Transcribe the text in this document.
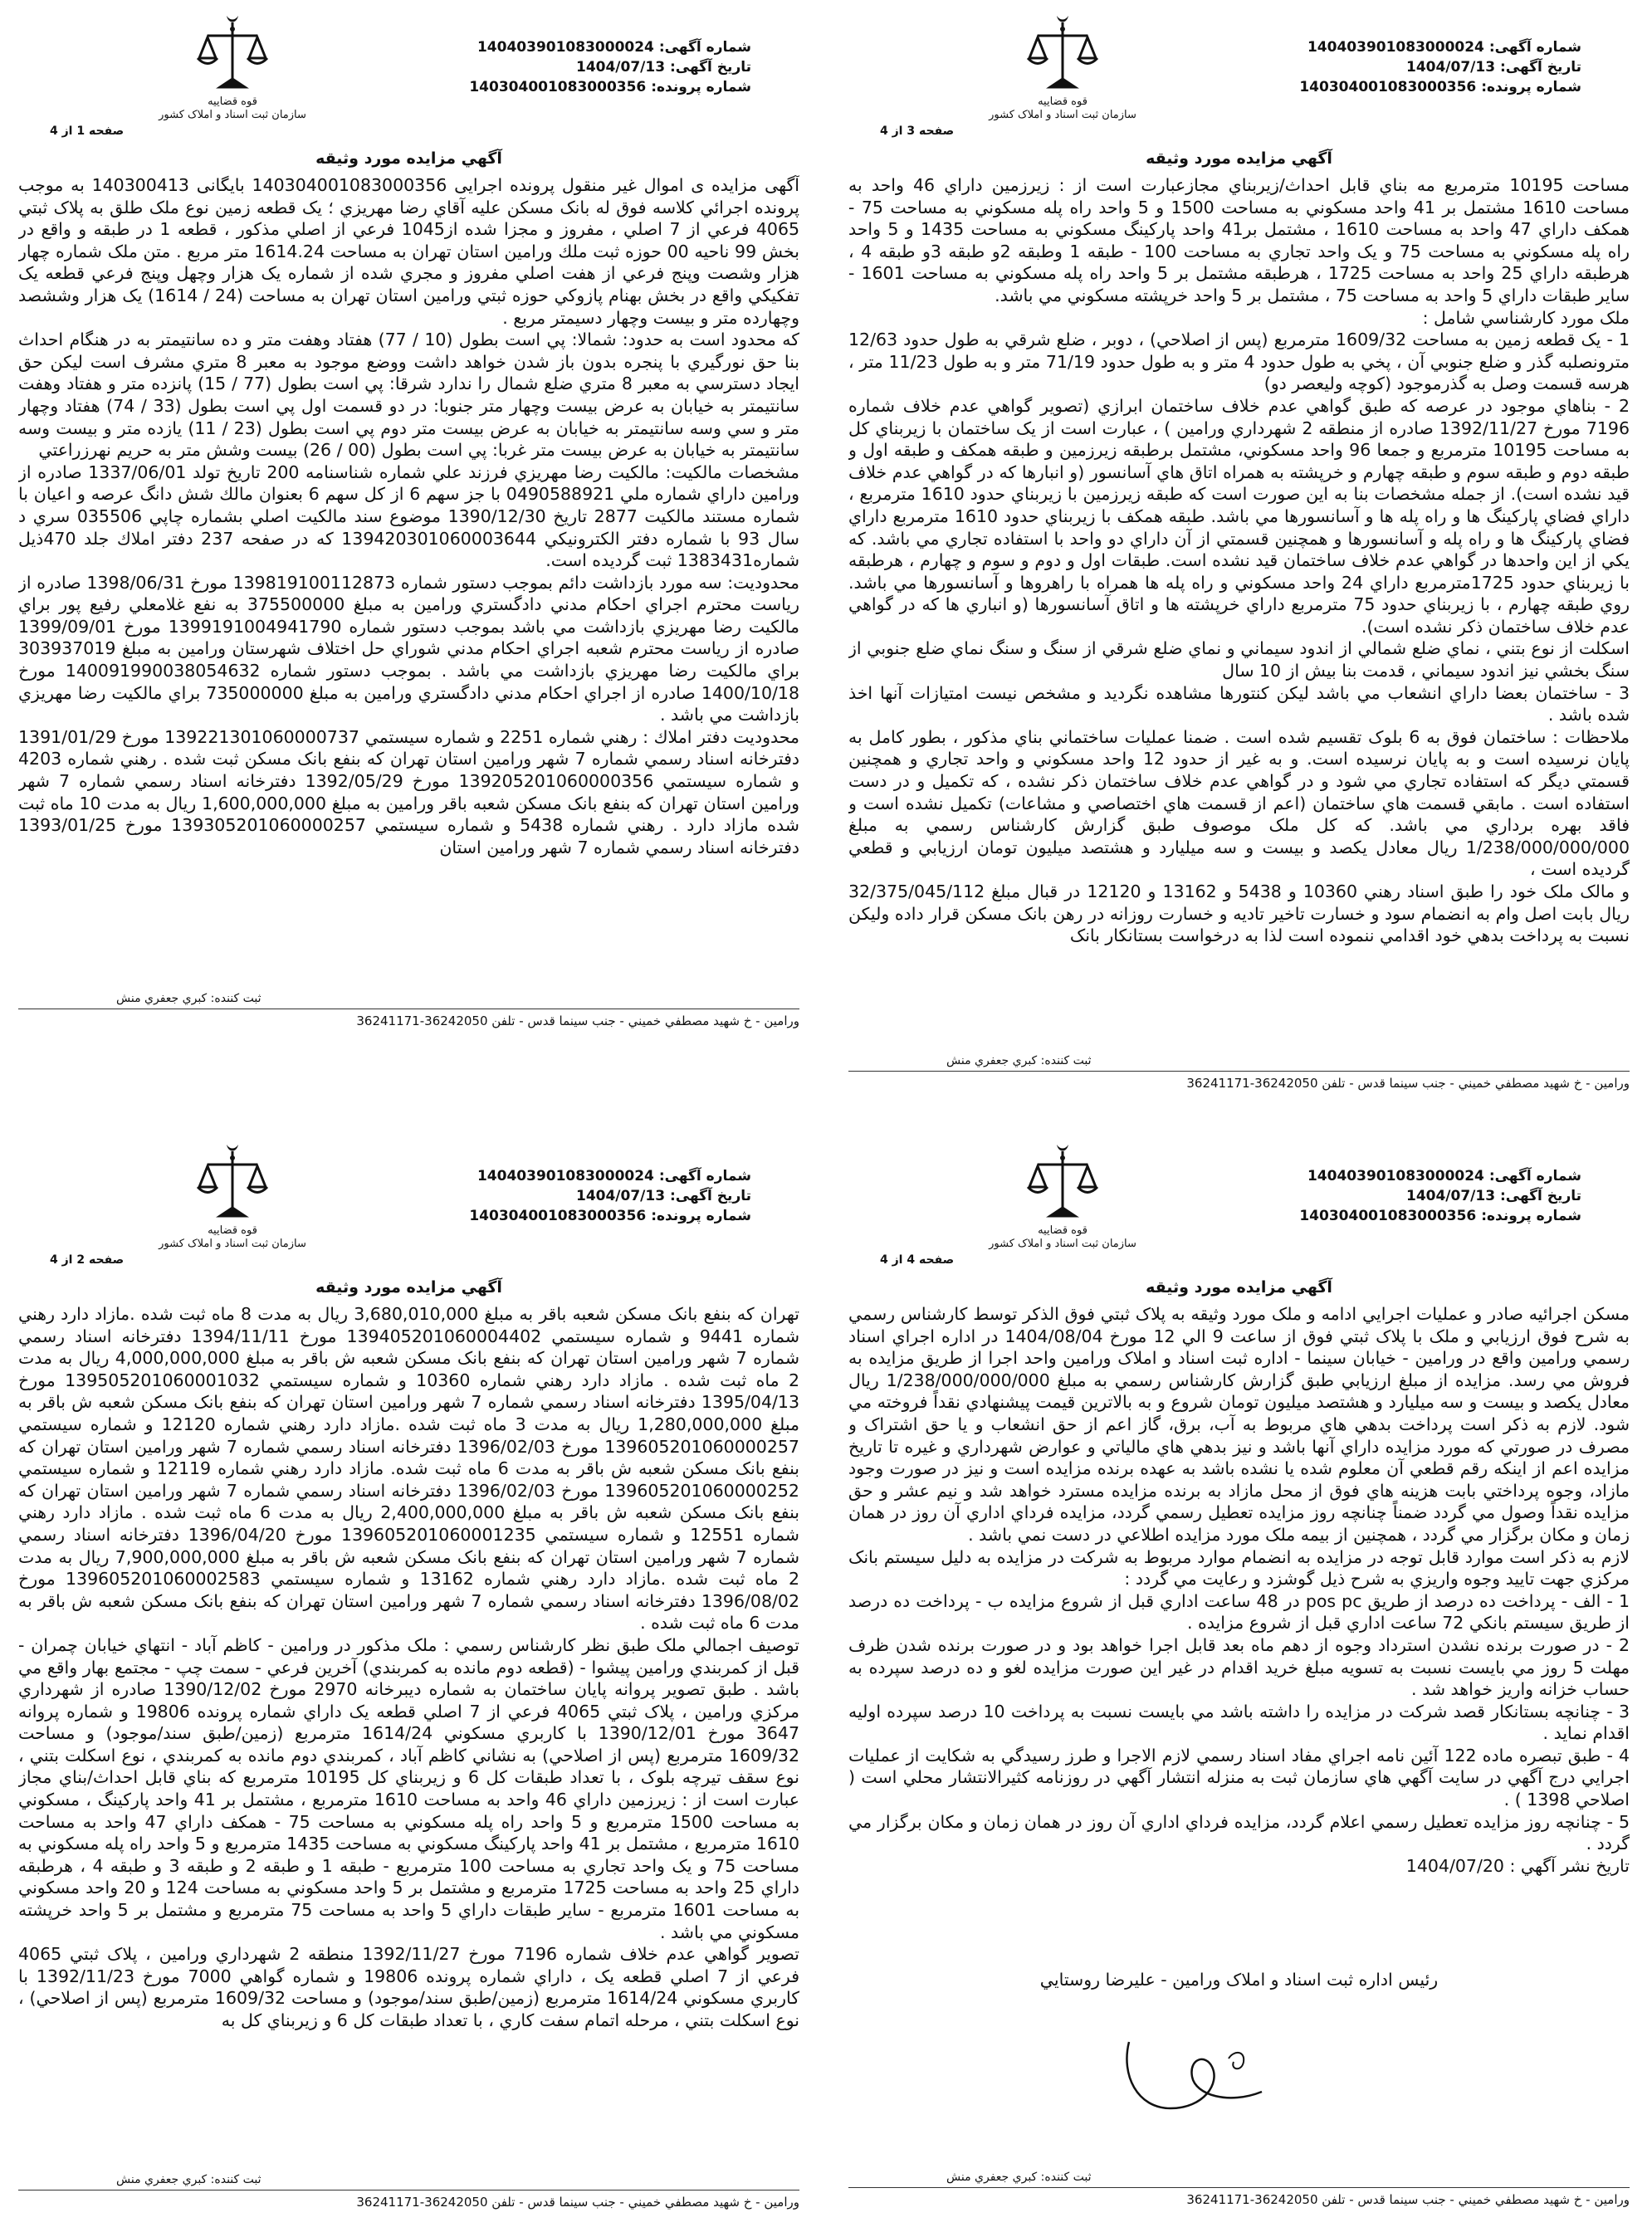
شماره آگهی: 140403901083000024
تاریخ آگهی: 1404/07/13
شماره پرونده: 140304001083000356
قوه قضاییه
سازمان ثبت اسناد و املاک کشور
صفحه 1 از 4
آگهي مزايده مورد وثيقه

آگهی مزایده ی اموال غیر منقول پرونده اجرایی 140304001083000356 بایگانی 140300413 به موجب پرونده اجرائي کلاسه فوق له بانک مسکن عليه آقاي رضا مهريزي ؛ يک قطعه زمين نوع ملک طلق به پلاک ثبتي 4065 فرعي از 7 اصلي ، مفروز و مجزا شده از1045 فرعي از اصلي مذکور ، قطعه 1 در طبقه و واقع در بخش 99 ناحيه 00 حوزه ثبت ملك ورامين استان تهران به مساحت 1614.24 متر مربع . متن ملک شماره چهار هزار وشصت وپنج فرعي از هفت اصلي مفروز و مجري شده از شماره يک هزار وچهل وپنج فرعي قطعه يک تفکيکي واقع در بخش بهنام پازوکي حوزه ثبتي ورامين استان تهران به مساحت (24 / 1614) يک هزار وششصد وچهارده متر و بيست وچهار دسيمتر مربع .

كه محدود است به حدود: شمالا: پي است بطول (10 / 77) هفتاد وهفت متر و ده سانتيمتر به در هنگام احداث بنا حق نورگيري با پنجره بدون باز شدن خواهد داشت ووضع موجود به معبر 8 متري مشرف است ليكن حق ايجاد دسترسي به معبر 8 متري ضلع شمال را ندارد شرقا: پي است بطول (77 / 15) پانزده متر و هفتاد وهفت سانتيمتر به خيابان به عرض بيست وچهار متر جنوبا: در دو قسمت اول پي است بطول (33 / 74) هفتاد وچهار متر و سي وسه سانتيمتر به خيابان به عرض بيست متر دوم پي است بطول (23 / 11) يازده متر و بيست وسه سانتيمتر به خيابان به عرض بيست متر غربا: پي است بطول (00 / 26) بيست وشش متر به حريم نهرزراعتي

مشخصات مالکيت: مالكيت رضا مهريزي فرزند علي شماره شناسنامه 200 تاريخ تولد 1337/06/01 صادره از ورامين داراي شماره ملي 0490588921 با جز سهم 6 از كل سهم 6 بعنوان مالك شش دانگ عرصه و اعيان با شماره مستند مالكيت 2877 تاريخ 1390/12/30 موضوع سند مالكيت اصلي بشماره چاپي 035506 سري د سال 93 با شماره دفتر الكترونيكي 139420301060003644 كه در صفحه 237 دفتر املاك جلد 470ذيل شماره1383431 ثبت گرديده است.

محدوديت: سه مورد بازداشت دائم بموجب دستور شماره 139819100112873 مورخ 1398/06/31 صادره از رياست محترم اجراي احكام مدني دادگستري ورامين به مبلغ 375500000 به نفع غلامعلي رفيع پور براي مالكيت رضا مهريزي بازداشت مي باشد بموجب دستور شماره 1399191004941790 مورخ 1399/09/01 صادره از رياست محترم شعبه اجراي احكام مدني شوراي حل اختلاف شهرستان ورامين به مبلغ 303937019 براي مالكيت رضا مهريزي بازداشت مي باشد . بموجب دستور شماره 140091990038054632 مورخ 1400/10/18 صادره از اجراي احكام مدني دادگستري ورامين به مبلغ 735000000 براي مالكيت رضا مهريزي بازداشت مي باشد .

محدوديت دفتر املاك : رهني شماره 2251 و شماره سيستمي 139221301060000737 مورخ 1391/01/29 دفترخانه اسناد رسمي شماره 7 شهر ورامين استان تهران که بنفع بانک مسکن ثبت شده . رهني شماره 4203 و شماره سيستمي 139205201060000356 مورخ 1392/05/29 دفترخانه اسناد رسمي شماره 7 شهر ورامين استان تهران که بنفع بانک مسکن شعبه باقر ورامين به مبلغ 1,600,000,000 ريال به مدت 10 ماه ثبت شده مازاد دارد . رهني شماره 5438 و شماره سيستمي 139305201060000257 مورخ 1393/01/25 دفترخانه اسناد رسمي شماره 7 شهر ورامين استان

ثبت کننده: کبري جعفري منش
ورامين - خ شهيد مصطفي خميني - جنب سينما قدس - تلفن 36242050-36241171
شماره آگهی: 140403901083000024
تاریخ آگهی: 1404/07/13
شماره پرونده: 140304001083000356
قوه قضاییه
سازمان ثبت اسناد و املاک کشور
صفحه 3 از 4
آگهي مزايده مورد وثيقه

مساحت 10195 مترمربع مه بناي قابل احداث/زيربناي مجازعبارت است از : زيرزمين داراي 46 واحد به مساحت 1610 مشتمل بر 41 واحد مسکوني به مساحت 1500 و 5 واحد راه پله مسکوني به مساحت 75 - همکف داراي 47 واحد به مساحت 1610 ، مشتمل بر41 واحد پارکينگ مسکوني به مساحت 1435 و 5 واحد راه پله مسکوني به مساحت 75 و يک واحد تجاري به مساحت 100 - طبقه 1 وطبقه 2و طبقه 3و طبقه 4 ، هرطبقه داراي 25 واحد به مساحت 1725 ، هرطبقه مشتمل بر 5 واحد راه پله مسکوني به مساحت 1601 - ساير طبقات داراي 5 واحد به مساحت 75 ، مشتمل بر 5 واحد خرپشته مسکوني مي باشد.

ملک مورد کارشناسي شامل :

1 - يک قطعه زمين به مساحت 1609/32 مترمربع (پس از اصلاحي) ، دوبر ، ضلع شرقي به طول حدود 12/63 مترونصلبه گذر و ضلع جنوبي آن ، پخي به طول حدود 4 متر و به طول حدود 71/19 متر و به طول 11/23 متر ، هرسه قسمت وصل به گذرموجود (کوچه وليعصر دو)

2 - بناهاي موجود در عرصه که طبق گواهي عدم خلاف ساختمان ابرازي (تصوير گواهي عدم خلاف شماره 7196 مورخ 1392/11/27 صادره از منطقه 2 شهرداري ورامين ) ، عبارت است از يک ساختمان با زيربناي کل به مساحت 10195 مترمربع و جمعا 96 واحد مسکوني، مشتمل برطبقه زيرزمين و طبقه همکف و طبقه اول و طبقه دوم و طبقه سوم و طبقه چهارم و خرپشته به همراه اتاق هاي آسانسور (و انبارها که در گواهي عدم خلاف قيد نشده است). از جمله مشخصات بنا به اين صورت است که طبقه زيرزمين با زيربناي حدود 1610 مترمربع ، داراي فضاي پارکينگ ها و راه پله ها و آسانسورها مي باشد. طبقه همکف با زيربناي حدود 1610 مترمربع داراي فضاي پارکينگ ها و راه پله و آسانسورها و همچنين قسمتي از آن داراي دو واحد با استفاده تجاري مي باشد. که يکي از اين واحدها در گواهي عدم خلاف ساختمان قيد نشده است. طبقات اول و دوم و سوم و چهارم ، هرطبقه با زيربناي حدود 1725مترمربع داراي 24 واحد مسکوني و راه پله ها همراه با راهروها و آسانسورها مي باشد. روي طبقه چهارم ، با زيربناي حدود 75 مترمربع داراي خرپشته ها و اتاق آسانسورها (و انباري ها که در گواهي عدم خلاف ساختمان ذکر نشده است).

اسکلت از نوع بتني ، نماي ضلع شمالي از اندود سيماني و نماي ضلع شرقي از سنگ و سنگ نماي ضلع جنوبي از سنگ بخشي نيز اندود سيماني ، قدمت بنا بيش از 10 سال

3 - ساختمان بعضا داراي انشعاب مي باشد ليکن کنتورها مشاهده نگرديد و مشخص نيست امتيازات آنها اخذ شده باشد .

ملاحظات : ساختمان فوق به 6 بلوک تقسيم شده است . ضمنا عمليات ساختماني بناي مذکور ، بطور کامل به پايان نرسيده است و به پايان نرسيده است. و به غير از حدود 12 واحد مسکوني و واحد تجاري و همچنين قسمتي ديگر که استفاده تجاري مي شود و در گواهي عدم خلاف ساختمان ذکر نشده ، که تکميل و در دست استفاده است . مابقي قسمت هاي ساختمان (اعم از قسمت هاي اختصاصي و مشاعات) تکميل نشده است و فاقد بهره برداري مي باشد. که کل ملک موصوف طبق گزارش کارشناس رسمي به مبلغ 1/238/000/000/000 ريال معادل يکصد و بيست و سه ميليارد و هشتصد ميليون تومان ارزيابي و قطعي گرديده است ،

و مالک ملک خود را طبق اسناد رهني 10360 و 5438 و 13162 و 12120 در قبال مبلغ 32/375/045/112 ريال بابت اصل وام به انضمام سود و خسارت تاخير تاديه و خسارت روزانه در رهن بانک مسکن قرار داده وليکن نسبت به پرداخت بدهي خود اقدامي ننموده است لذا به درخواست بستانکار بانک

ثبت کننده: کبري جعفري منش
ورامين - خ شهيد مصطفي خميني - جنب سينما قدس - تلفن 36242050-36241171
شماره آگهی: 140403901083000024
تاریخ آگهی: 1404/07/13
شماره پرونده: 140304001083000356
قوه قضاییه
سازمان ثبت اسناد و املاک کشور
صفحه 2 از 4
آگهي مزايده مورد وثيقه

تهران که بنفع بانک مسکن شعبه باقر به مبلغ 3,680,010,000 ريال به مدت 8 ماه ثبت شده .مازاد دارد رهني شماره 9441 و شماره سيستمي 139405201060004402 مورخ 1394/11/11 دفترخانه اسناد رسمي شماره 7 شهر ورامين استان تهران که بنفع بانک مسکن شعبه ش باقر به مبلغ 4,000,000,000 ريال به مدت 2 ماه ثبت شده . مازاد دارد رهني شماره 10360 و شماره سيستمي 139505201060001032 مورخ 1395/04/13 دفترخانه اسناد رسمي شماره 7 شهر ورامين استان تهران که بنفع بانک مسکن شعبه ش باقر به مبلغ 1,280,000,000 ريال به مدت 3 ماه ثبت شده .مازاد دارد رهني شماره 12120 و شماره سيستمي 139605201060000257 مورخ 1396/02/03 دفترخانه اسناد رسمي شماره 7 شهر ورامين استان تهران که بنفع بانک مسکن شعبه ش باقر به مدت 6 ماه ثبت شده. مازاد دارد رهني شماره 12119 و شماره سيستمي 139605201060000252 مورخ 1396/02/03 دفترخانه اسناد رسمي شماره 7 شهر ورامين استان تهران که بنفع بانک مسکن شعبه ش باقر به مبلغ 2,400,000,000 ريال به مدت 6 ماه ثبت شده . مازاد دارد رهني شماره 12551 و شماره سيستمي 139605201060001235 مورخ 1396/04/20 دفترخانه اسناد رسمي شماره 7 شهر ورامين استان تهران که بنفع بانک مسکن شعبه ش باقر به مبلغ 7,900,000,000 ريال به مدت 2 ماه ثبت شده .مازاد دارد رهني شماره 13162 و شماره سيستمي 139605201060002583 مورخ 1396/08/02 دفترخانه اسناد رسمي شماره 7 شهر ورامين استان تهران که بنفع بانک مسکن شعبه ش باقر به مدت 6 ماه ثبت شده .

توصيف اجمالي ملک طبق نظر کارشناس رسمي : ملک مذکور در ورامين - کاظم آباد - انتهاي خيابان چمران - قبل از کمربندي ورامين پيشوا - (قطعه دوم مانده به کمربندي) آخرين فرعي - سمت چپ - مجتمع بهار واقع مي باشد . طبق تصوير پروانه پايان ساختمان به شماره ديبرخانه 2970 مورخ 1390/12/02 صادره از شهرداري مركزي ورامين ، پلاک ثبتي 4065 فرعي از 7 اصلي قطعه يک داراي شماره پرونده 19806 و شماره پروانه 3647 مورخ 1390/12/01 با کاربري مسکوني 1614/24 مترمربع (زمين/طبق سند/موجود) و مساحت 1609/32 مترمربع (پس از اصلاحي) به نشاني کاظم آباد ، کمربندي دوم مانده به کمربندي ، نوع اسکلت بتني ، نوع سقف تيرچه بلوک ، با تعداد طبقات کل 6 و زيربناي کل 10195 مترمربع که بناي قابل احداث/بناي مجاز عبارت است از : زيرزمين داراي 46 واحد به مساحت 1610 مترمربع ، مشتمل بر 41 واحد پارکينگ ، مسکوني به مساحت 1500 مترمربع و 5 واحد راه پله مسکوني به مساحت 75 - همکف داراي 47 واحد به مساحت 1610 مترمربع ، مشتمل بر 41 واحد پارکينگ مسکوني به مساحت 1435 مترمربع و 5 واحد راه پله مسکوني به مساحت 75 و يک واحد تجاري به مساحت 100 مترمربع - طبقه 1 و طبقه 2 و طبقه 3 و طبقه 4 ، هرطبقه داراي 25 واحد به مساحت 1725 مترمربع و مشتمل بر 5 واحد مسکوني به مساحت 124 و 20 واحد مسکوني به مساحت 1601 مترمربع - ساير طبقات داراي 5 واحد به مساحت 75 مترمربع و مشتمل بر 5 واحد خرپشته مسکوني مي باشد .

تصوير گواهي عدم خلاف شماره 7196 مورخ 1392/11/27 منطقه 2 شهرداري ورامين ، پلاک ثبتي 4065 فرعي از 7 اصلي قطعه يک ، داراي شماره پرونده 19806 و شماره گواهي 7000 مورخ 1392/11/23 با كاربري مسكوني 1614/24 مترمربع (زمين/طبق سند/موجود) و مساحت 1609/32 مترمربع (پس از اصلاحي) ، نوع اسكلت بتني ، مرحله اتمام سفت كاري ، با تعداد طبقات كل 6 و زيربناي كل به

ثبت کننده: کبري جعفري منش
ورامين - خ شهيد مصطفي خميني - جنب سينما قدس - تلفن 36242050-36241171
شماره آگهی: 140403901083000024
تاریخ آگهی: 1404/07/13
شماره پرونده: 140304001083000356
قوه قضاییه
سازمان ثبت اسناد و املاک کشور
صفحه 4 از 4
آگهي مزايده مورد وثيقه

مسکن اجرائيه صادر و عمليات اجرايي ادامه و ملک مورد وثيقه به پلاک ثبتي فوق الذکر توسط کارشناس رسمي به شرح فوق ارزيابي و ملک با پلاک ثبتي فوق از ساعت 9 الي 12 مورخ 1404/08/04 در اداره اجراي اسناد رسمي ورامين واقع در ورامين - خيابان سينما - اداره ثبت اسناد و املاک ورامين واحد اجرا از طريق مزايده به فروش مي رسد. مزايده از مبلغ ارزيابي طبق گزارش کارشناس رسمي به مبلغ 1/238/000/000/000 ريال معادل يکصد و بيست و سه ميليارد و هشتصد ميليون تومان شروع و به بالاترين قيمت پيشنهادي نقداً فروخته مي شود. لازم به ذکر است پرداخت بدهي هاي مربوط به آب، برق، گاز اعم از حق انشعاب و يا حق اشتراک و مصرف در صورتي که مورد مزايده داراي آنها باشد و نيز بدهي هاي مالياتي و عوارض شهرداري و غيره تا تاريخ مزايده اعم از اينکه رقم قطعي آن معلوم شده يا نشده باشد به عهده برنده مزايده است و نيز در صورت وجود مازاد، وجوه پرداختي بابت هزينه هاي فوق از محل مازاد به برنده مزايده مسترد خواهد شد و نيم عشر و حق مزايده نقداً وصول مي گردد ضمناً چنانچه روز مزايده تعطيل رسمي گردد، مزايده فرداي اداري آن روز در همان زمان و مکان برگزار مي گردد ، همچنين از بيمه ملک مورد مزايده اطلاعي در دست نمي باشد .

لازم به ذکر است موارد قابل توجه در مزايده به انضمام موارد مربوط به شرکت در مزايده به دليل سيستم بانک مرکزي جهت تاييد وجوه واريزي به شرح ذيل گوشزد و رعايت مي گردد :

1 - الف - پرداخت ده درصد از طريق pos pc در 48 ساعت اداري قبل از شروع مزايده ب - پرداخت ده درصد از طريق سيستم بانکي 72 ساعت اداري قبل از شروع مزايده .

2 - در صورت برنده نشدن استرداد وجوه از دهم ماه بعد قابل اجرا خواهد بود و در صورت برنده شدن ظرف مهلت 5 روز مي بايست نسبت به تسويه مبلغ خريد اقدام در غير اين صورت مزايده لغو و ده درصد سپرده به حساب خزانه واريز خواهد شد .

3 - چنانچه بستانکار قصد شرکت در مزايده را داشته باشد مي بايست نسبت به پرداخت 10 درصد سپرده اوليه اقدام نمايد .

4 - طبق تبصره ماده 122 آئين نامه اجراي مفاد اسناد رسمي لازم الاجرا و طرز رسيدگي به شکايت از عمليات اجرايي درج آگهي در سايت آگهي هاي سازمان ثبت به منزله انتشار آگهي در روزنامه کثيرالانتشار محلي است ( اصلاحي 1398 ) .

5 - چنانچه روز مزايده تعطيل رسمي اعلام گردد، مزايده فرداي اداري آن روز در همان زمان و مکان برگزار مي گردد .

تاريخ نشر آگهي : 1404/07/20

رئيس اداره ثبت اسناد و املاک ورامين - عليرضا روستايي
ثبت کننده: کبري جعفري منش
ورامين - خ شهيد مصطفي خميني - جنب سينما قدس - تلفن 36242050-36241171
